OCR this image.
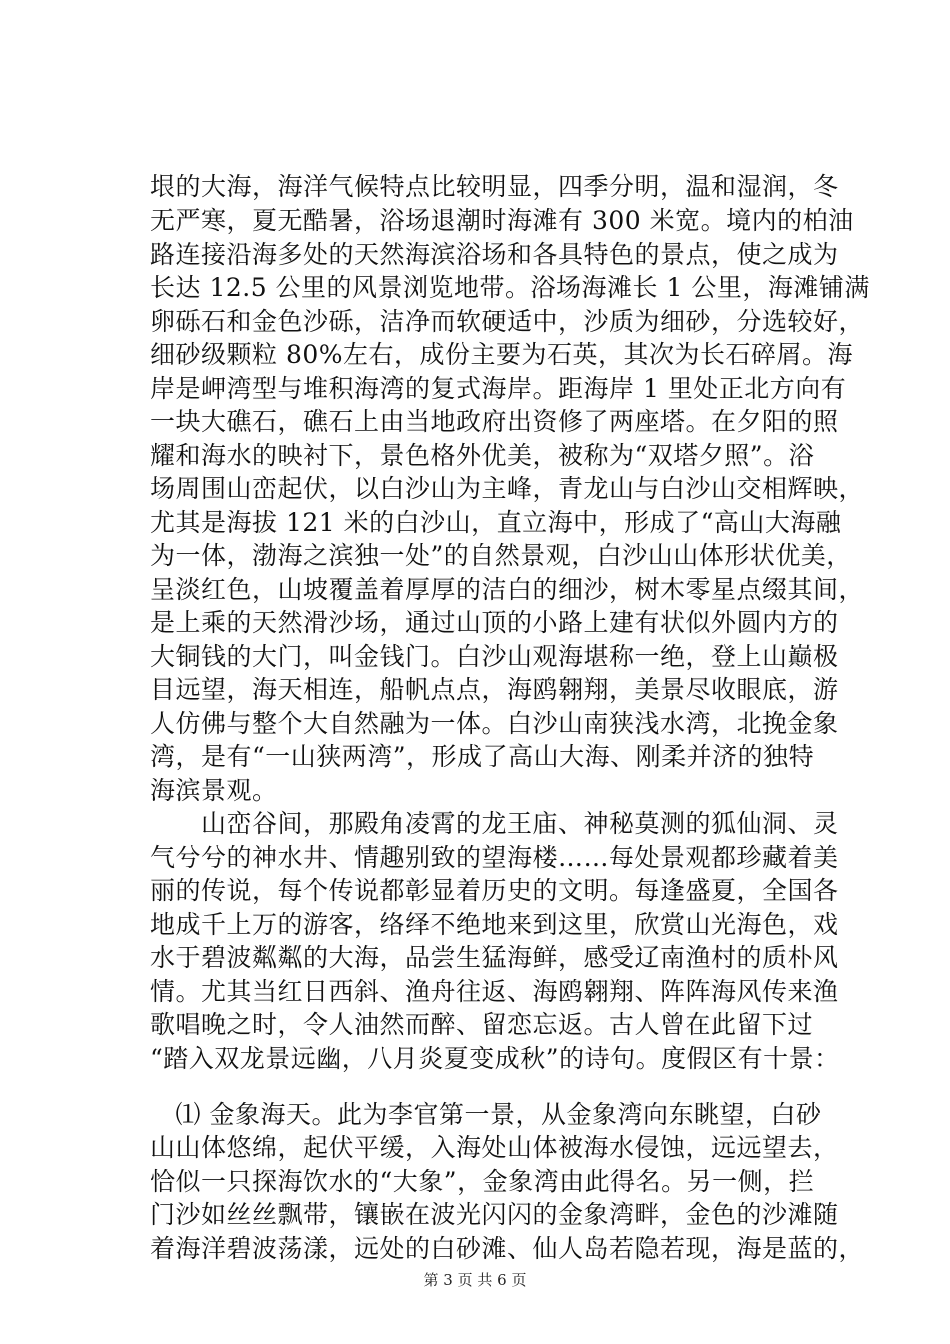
垠的大海，海洋气候特点比较明显，四季分明，温和湿润，冬
无严寒，夏无酷暑，浴场退潮时海滩有 300 米宽。境内的柏油
路连接沿海多处的天然海滨浴场和各具特色的景点，使之成为
长达 12.5 公里的风景浏览地带。浴场海滩长 1 公里，海滩铺满
卵砾石和金色沙砾，洁净而软硬适中，沙质为细砂，分选较好，
细砂级颗粒 80%左右，成份主要为石英，其次为长石碎屑。海
岸是岬湾型与堆积海湾的复式海岸。距海岸 1 里处正北方向有
一块大礁石，礁石上由当地政府出资修了两座塔。在夕阳的照
耀和海水的映衬下，景色格外优美，被称为“双塔夕照”。浴
场周围山峦起伏，以白沙山为主峰，青龙山与白沙山交相辉映，
尤其是海拔 121 米的白沙山，直立海中，形成了“高山大海融
为一体，渤海之滨独一处”的自然景观，白沙山山体形状优美，
呈淡红色，山坡覆盖着厚厚的洁白的细沙，树木零星点缀其间，
是上乘的天然滑沙场，通过山顶的小路上建有状似外圆内方的
大铜钱的大门，叫金钱门。白沙山观海堪称一绝，登上山巅极
目远望，海天相连，船帆点点，海鸥翱翔，美景尽收眼底，游
人仿佛与整个大自然融为一体。白沙山南狭浅水湾，北挽金象
湾，是有“一山狭两湾”，形成了高山大海、刚柔并济的独特
海滨景观。
　　山峦谷间，那殿角凌霄的龙王庙、神秘莫测的狐仙洞、灵
气兮兮的神水井、情趣别致的望海楼……每处景观都珍藏着美
丽的传说，每个传说都彰显着历史的文明。每逢盛夏，全国各
地成千上万的游客，络绎不绝地来到这里，欣赏山光海色，戏
水于碧波粼粼的大海，品尝生猛海鲜，感受辽南渔村的质朴风
情。尤其当红日西斜、渔舟往返、海鸥翱翔、阵阵海风传来渔
歌唱晚之时，令人油然而醉、留恋忘返。古人曾在此留下过
“踏入双龙景远幽，八月炎夏变成秋”的诗句。度假区有十景：
　⑴ 金象海天。此为李官第一景，从金象湾向东眺望，白砂
山山体悠绵，起伏平缓，入海处山体被海水侵蚀，远远望去，
恰似一只探海饮水的“大象”，金象湾由此得名。另一侧，拦
门沙如丝丝飘带，镶嵌在波光闪闪的金象湾畔，金色的沙滩随
着海洋碧波荡漾，远处的白砂滩、仙人岛若隐若现，海是蓝的，
第 3 页 共 6 页
